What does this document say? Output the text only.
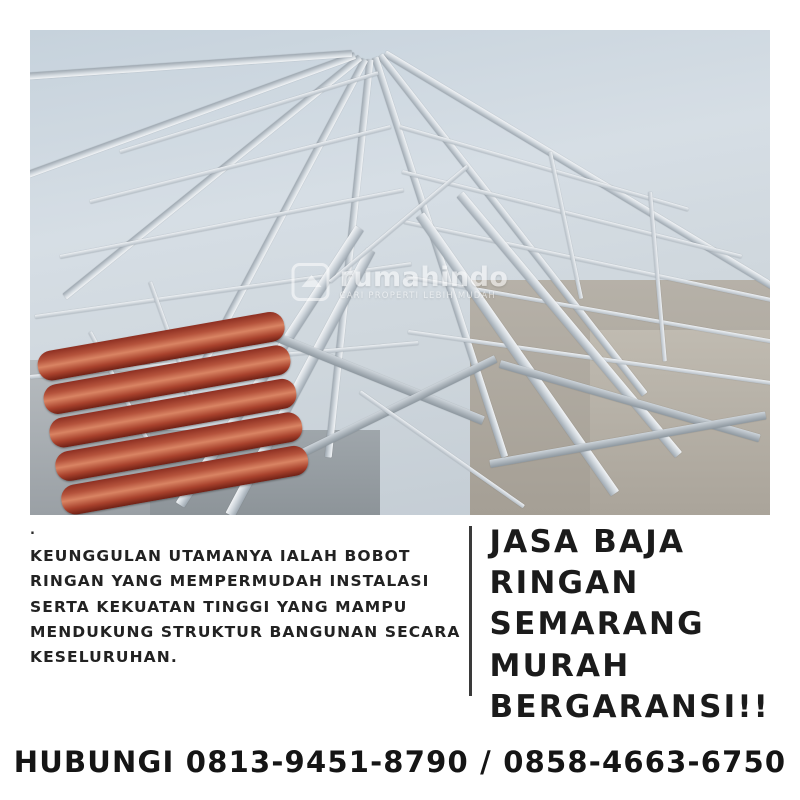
rumahindo
CARI PROPERTI LEBIH MUDAH
.
KEUNGGULAN UTAMANYA IALAH BOBOT RINGAN YANG MEMPERMUDAH INSTALASI SERTA KEKUATAN TINGGI YANG MAMPU MENDUKUNG STRUKTUR BANGUNAN SECARA KESELURUHAN.
JASA BAJA RINGAN SEMARANG MURAH BERGARANSI!!
HUBUNGI 0813-9451-8790 / 0858-4663-6750
